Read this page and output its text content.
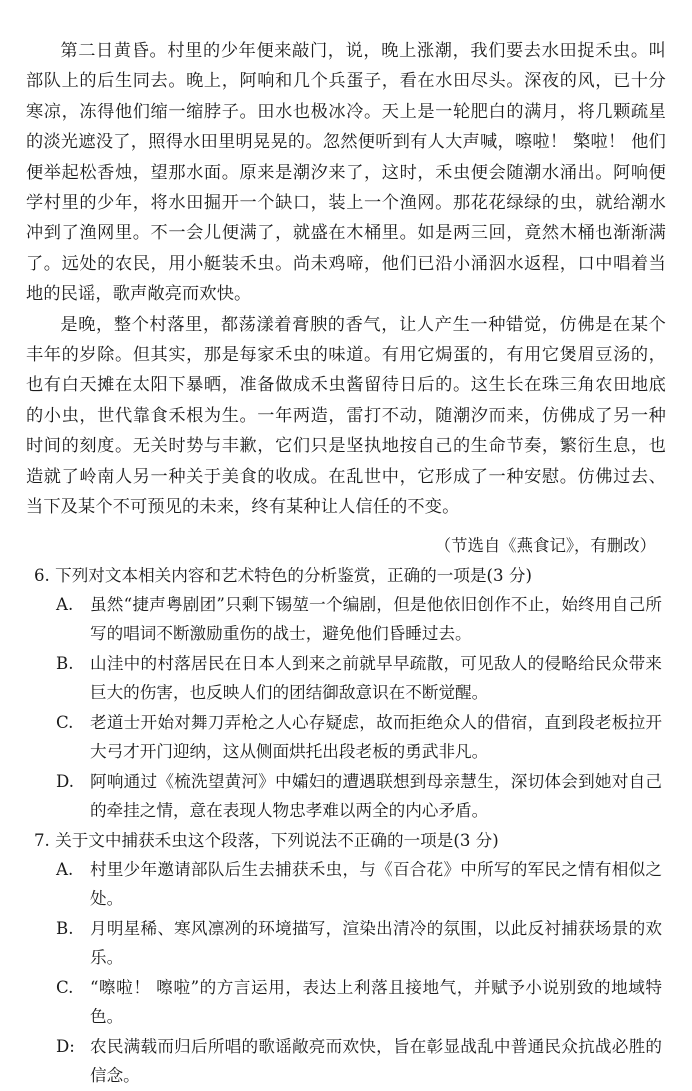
第二日黄昏。村里的少年便来敲门，说，晚上涨潮，我们要去水田捉禾虫。叫部队上的后生同去。晚上，阿响和几个兵蛋子，看在水田尽头。深夜的风，已十分寒凉，冻得他们缩一缩脖子。田水也极冰冷。天上是一轮肥白的满月，将几颗疏星的淡光遮没了，照得水田里明晃晃的。忽然便听到有人大声喊，嚓啦！ 檠啦！ 他们便举起松香烛，望那水面。原来是潮汐来了，这时，禾虫便会随潮水涌出。阿响便学村里的少年，将水田掘开一个缺口，装上一个渔网。那花花绿绿的虫，就给潮水冲到了渔网里。不一会儿便满了，就盛在木桶里。如是两三回，竟然木桶也渐渐满了。远处的农民，用小艇装禾虫。尚未鸡啼，他们已沿小涌泅水返程，口中唱着当地的民谣，歌声敞亮而欢快。

是晚，整个村落里，都荡漾着膏腴的香气，让人产生一种错觉，仿佛是在某个丰年的岁除。但其实，那是每家禾虫的味道。有用它焗蛋的，有用它煲眉豆汤的，也有白天摊在太阳下暴晒，准备做成禾虫酱留待日后的。这生长在珠三角农田地底的小虫，世代靠食禾根为生。一年两造，雷打不动，随潮汐而来，仿佛成了另一种时间的刻度。无关时势与丰歉，它们只是坚执地按自己的生命节奏，繁衍生息，也造就了岭南人另一种关于美食的收成。在乱世中，它形成了一种安慰。仿佛过去、当下及某个不可预见的未来，终有某种让人信任的不变。

（节选自《燕食记》，有删改）

6. 下列对文本相关内容和艺术特色的分析鉴赏，正确的一项是(3 分)

A.	虽然“捷声粤剧团”只剩下锡堃一个编剧，但是他依旧创作不止，始终用自己所写的唱词不断激励重伤的战士，避免他们昏睡过去。
B. 山洼中的村落居民在日本人到来之前就早早疏散，可见敌人的侵略给民众带来巨大的伤害，也反映人们的团结御敌意识在不断觉醒。
C.	老道士开始对舞刀弄枪之人心存疑虑，故而拒绝众人的借宿，直到段老板拉开大弓才开门迎纳，这从侧面烘托出段老板的勇武非凡。
D. 阿响通过《梳洗望黄河》中孀妇的遭遇联想到母亲慧生，深切体会到她对自己的牵挂之情，意在表现人物忠孝难以两全的内心矛盾。

7. 关于文中捕获禾虫这个段落，下列说法不正确的一项是(3 分)

A.	村里少年邀请部队后生去捕获禾虫，与《百合花》中所写的军民之情有相似之处。
B. 月明星稀、寒风凛冽的环境描写，渲染出清冷的氛围，以此反衬捕获场景的欢乐。
C.	“嚓啦！ 嚓啦”的方言运用，表达上利落且接地气，并赋予小说别致的地域特色。
D: 农民满载而归后所唱的歌谣敞亮而欢快，旨在彰显战乱中普通民众抗战必胜的信念。
